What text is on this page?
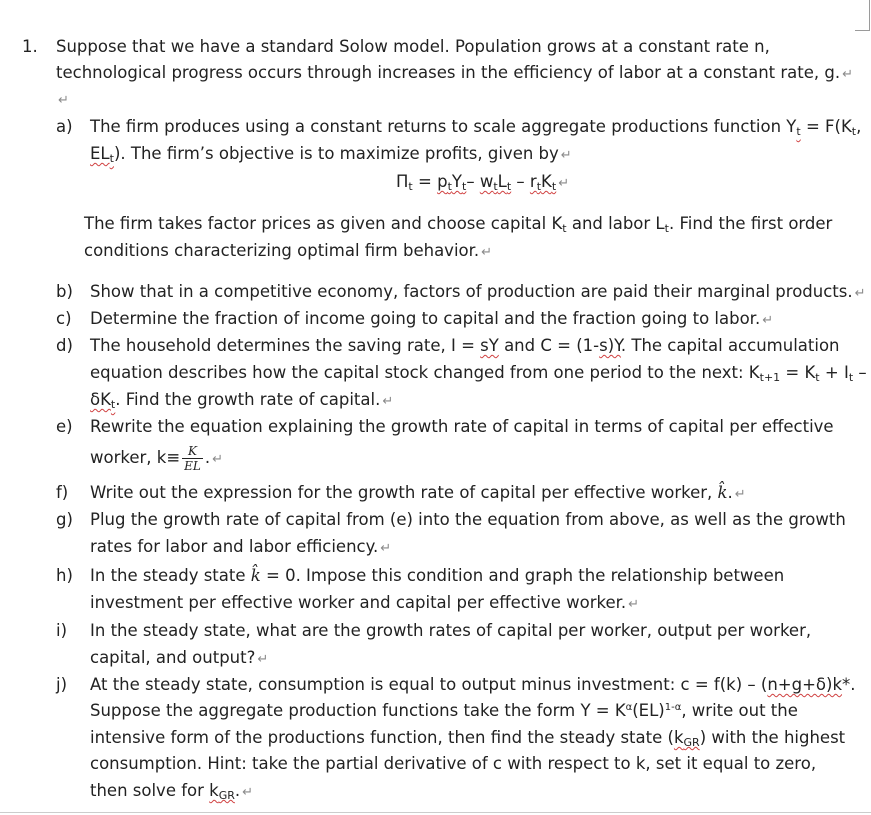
1. Suppose that we have a standard Solow model. Population grows at a constant rate n,
technological progress occurs through increases in the efficiency of labor at a constant rate, g. ↵
↵
a) The firm produces using a constant returns to scale aggregate productions function $Y_t = F(K_t$,
$EL_t$). The firm’s objective is to maximize profits, given by ↵
$\Pi_t = p_tY_t-$ $w_tL_t - r_tK_t$ ↵
The firm takes factor prices as given and choose capital $K_t$ and labor $L_t$. Find the first order
conditions characterizing optimal firm behavior. ↵
b) Show that in a competitive economy, factors of production are paid their marginal products. ↵
c) Determine the fraction of income going to capital and the fraction going to labor. ↵
d) The household determines the saving rate, I = sY and C = (1-s)Y. The capital accumulation
equation describes how the capital stock changed from one period to the next: $K_{t+1} = K_t + I_t$ –
$\delta K_t$. Find the growth rate of capital. ↵
e) Rewrite the equation explaining the growth rate of capital in terms of capital per effective
worker, $k\equiv \frac{K}{EL}$ . ↵
f) Write out the expression for the growth rate of capital per effective worker, k̂. ↵
g) Plug the growth rate of capital from (e) into the equation from above, as well as the growth
rates for labor and labor efficiency. ↵
h) In the steady state k̂ = 0. Impose this condition and graph the relationship between
investment per effective worker and capital per effective worker. ↵
i) In the steady state, what are the growth rates of capital per worker, output per worker,
capital, and output? ↵
j) At the steady state, consumption is equal to output minus investment: c = f(k) – (n+g+δ)k*.
Suppose the aggregate production functions take the form $Y = K^\alpha(EL)^{1-\alpha}$, write out the
intensive form of the productions function, then find the steady state $(k_{GR})$ with the highest
consumption. Hint: take the partial derivative of c with respect to k, set it equal to zero,
then solve for $k_{GR}$. ↵
